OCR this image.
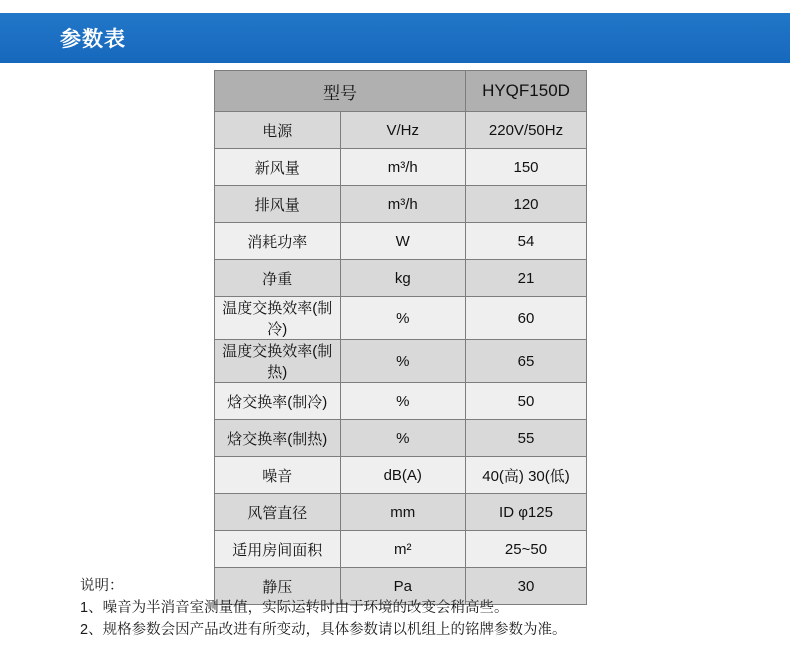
参数表
型号		HYQF150D
电源	V/Hz	220V/50Hz
新风量	m³/h	150
排风量	m³/h	120
消耗功率	W	54
净重	kg	21
温度交换效率(制冷)	%	60
温度交换效率(制热)	%	65
焓交换率(制冷)	%	50
焓交换率(制热)	%	55
噪音	dB(A)	40(高) 30(低)
风管直径	mm	ID φ125
适用房间面积	m²	25~50
静压	Pa	30
说明：
1、噪音为半消音室测量值，实际运转时由于环境的改变会稍高些。
2、规格参数会因产品改进有所变动，具体参数请以机组上的铭牌参数为准。
